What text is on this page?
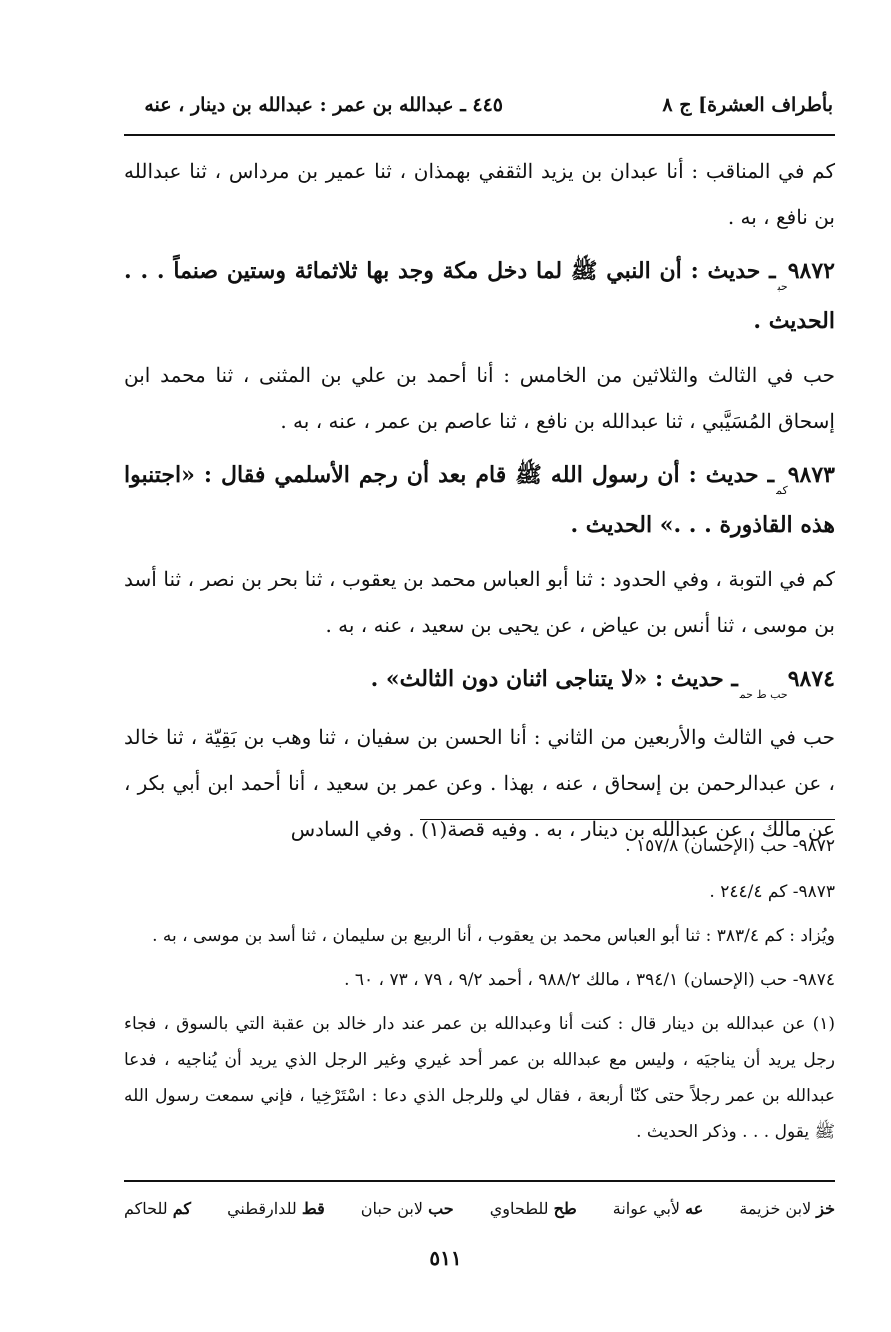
بأطراف العشرة] ج ٨
٤٤٥ ـ عبدالله بن عمر : عبدالله بن دينار ، عنه

كم في المناقب : أنا عبدان بن يزيد الثقفي بهمذان ، ثنا عمير بن مرداس ، ثنا عبدالله بن نافع ، به .

$٩٨٧٢_{حب}ـ$ حديث : أن النبي ﷺ لما دخل مكة وجد بها ثلاثمائة وستين صنماً . . . الحديث .

حب في الثالث والثلاثين من الخامس : أنا أحمد بن علي بن المثنى ، ثنا محمد ابن إسحاق المُسَيَّبي ، ثنا عبدالله بن نافع ، ثنا عاصم بن عمر ، عنه ، به .

$٩٨٧٣_{كم}ـ$ حديث : أن رسول الله ﷺ قام بعد أن رجم الأسلمي فقال : «اجتنبوا هذه القاذورة . . .» الحديث .

كم في التوبة ، وفي الحدود : ثنا أبو العباس محمد بن يعقوب ، ثنا بحر بن نصر ، ثنا أسد بن موسى ، ثنا أنس بن عياض ، عن يحيى بن سعيد ، عنه ، به .

$٩٨٧٤_{حب ط حم}ـ$ حديث : «لا يتناجى اثنان دون الثالث» .

حب في الثالث والأربعين من الثاني : أنا الحسن بن سفيان ، ثنا وهب بن بَقِيّة ، ثنا خالد ، عن عبدالرحمن بن إسحاق ، عنه ، بهذا . وعن عمر بن سعيد ، أنا أحمد ابن أبي بكر ، عن مالك ، عن عبدالله بن دينار ، به . وفيه قصة(١) . وفي السادس

٩٨٧٢- حب (الإحسان) ١٥٧/٨ .

٩٨٧٣- كم ٢٤٤/٤ .

ويُزاد : كم ٣٨٣/٤ : ثنا أبو العباس محمد بن يعقوب ، أنا الربيع بن سليمان ، ثنا أسد بن موسى ، به .

٩٨٧٤- حب (الإحسان) ٣٩٤/١ ، مالك ٩٨٨/٢ ، أحمد ٩/٢ ، ٧٩ ، ٧٣ ، ٦٠ .

(١) عن عبدالله بن دينار قال : كنت أنا وعبدالله بن عمر عند دار خالد بن عقبة التي بالسوق ، فجاء رجل يريد أن يناجيَه ، وليس مع عبدالله بن عمر أحد غيري وغير الرجل الذي يريد أن يُناجيه ، فدعا عبدالله بن عمر رجلاً حتى كنّا أربعة ، فقال لي وللرجل الذي دعا : اسْتَرْخِيا ، فإني سمعت رسول الله ﷺ يقول . . . وذكر الحديث .

خز لابن خزيمة
عه لأبي عوانة
طح للطحاوي
حب لابن حبان
قط للدارقطني
كم للحاكم
٥١١
